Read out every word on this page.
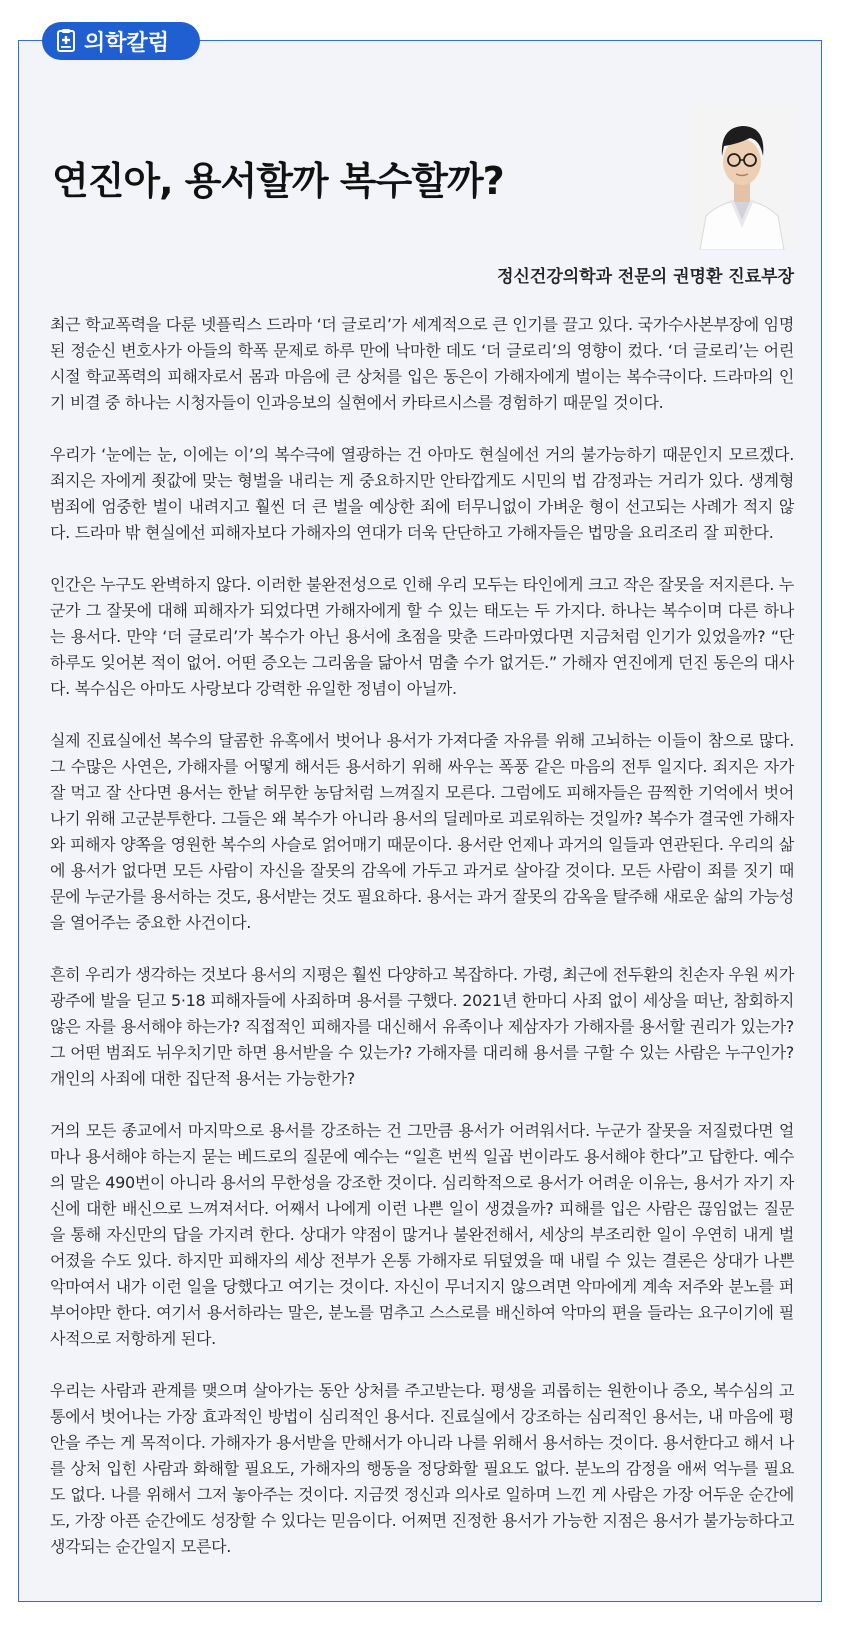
의학칼럼
연진아, 용서할까 복수할까?
정신건강의학과 전문의 권명환 진료부장

최근 학교폭력을 다룬 넷플릭스 드라마 ‘더 글로리’가 세계적으로 큰 인기를 끌고 있다. 국가수사본부장에 임명된 정순신 변호사가 아들의 학폭 문제로 하루 만에 낙마한 데도 ‘더 글로리’의 영향이 컸다. ‘더 글로리’는 어린 시절 학교폭력의 피해자로서 몸과 마음에 큰 상처를 입은 동은이 가해자에게 벌이는 복수극이다. 드라마의 인기 비결 중 하나는 시청자들이 인과응보의 실현에서 카타르시스를 경험하기 때문일 것이다.

우리가 ‘눈에는 눈, 이에는 이’의 복수극에 열광하는 건 아마도 현실에선 거의 불가능하기 때문인지 모르겠다. 죄지은 자에게 죗값에 맞는 형벌을 내리는 게 중요하지만 안타깝게도 시민의 법 감정과는 거리가 있다. 생계형 범죄에 엄중한 벌이 내려지고 훨씬 더 큰 벌을 예상한 죄에 터무니없이 가벼운 형이 선고되는 사례가 적지 않다. 드라마 밖 현실에선 피해자보다 가해자의 연대가 더욱 단단하고 가해자들은 법망을 요리조리 잘 피한다.

인간은 누구도 완벽하지 않다. 이러한 불완전성으로 인해 우리 모두는 타인에게 크고 작은 잘못을 저지른다. 누군가 그 잘못에 대해 피해자가 되었다면 가해자에게 할 수 있는 태도는 두 가지다. 하나는 복수이며 다른 하나는 용서다. 만약 ‘더 글로리’가 복수가 아닌 용서에 초점을 맞춘 드라마였다면 지금처럼 인기가 있었을까? “단 하루도 잊어본 적이 없어. 어떤 증오는 그리움을 닮아서 멈출 수가 없거든.” 가해자 연진에게 던진 동은의 대사다. 복수심은 아마도 사랑보다 강력한 유일한 정념이 아닐까.

실제 진료실에선 복수의 달콤한 유혹에서 벗어나 용서가 가져다줄 자유를 위해 고뇌하는 이들이 참으로 많다. 그 수많은 사연은, 가해자를 어떻게 해서든 용서하기 위해 싸우는 폭풍 같은 마음의 전투 일지다. 죄지은 자가 잘 먹고 잘 산다면 용서는 한낱 허무한 농담처럼 느껴질지 모른다. 그럼에도 피해자들은 끔찍한 기억에서 벗어나기 위해 고군분투한다. 그들은 왜 복수가 아니라 용서의 딜레마로 괴로워하는 것일까? 복수가 결국엔 가해자와 피해자 양쪽을 영원한 복수의 사슬로 얽어매기 때문이다. 용서란 언제나 과거의 일들과 연관된다. 우리의 삶에 용서가 없다면 모든 사람이 자신을 잘못의 감옥에 가두고 과거로 살아갈 것이다. 모든 사람이 죄를 짓기 때문에 누군가를 용서하는 것도, 용서받는 것도 필요하다. 용서는 과거 잘못의 감옥을 탈주해 새로운 삶의 가능성을 열어주는 중요한 사건이다.

흔히 우리가 생각하는 것보다 용서의 지평은 훨씬 다양하고 복잡하다. 가령, 최근에 전두환의 친손자 우원 씨가 광주에 발을 딛고 5·18 피해자들에 사죄하며 용서를 구했다. 2021년 한마디 사죄 없이 세상을 떠난, 참회하지 않은 자를 용서해야 하는가? 직접적인 피해자를 대신해서 유족이나 제삼자가 가해자를 용서할 권리가 있는가? 그 어떤 범죄도 뉘우치기만 하면 용서받을 수 있는가? 가해자를 대리해 용서를 구할 수 있는 사람은 누구인가? 개인의 사죄에 대한 집단적 용서는 가능한가?

거의 모든 종교에서 마지막으로 용서를 강조하는 건 그만큼 용서가 어려워서다. 누군가 잘못을 저질렀다면 얼마나 용서해야 하는지 묻는 베드로의 질문에 예수는 “일흔 번씩 일곱 번이라도 용서해야 한다”고 답한다. 예수의 말은 490번이 아니라 용서의 무한성을 강조한 것이다. 심리학적으로 용서가 어려운 이유는, 용서가 자기 자신에 대한 배신으로 느껴져서다. 어째서 나에게 이런 나쁜 일이 생겼을까? 피해를 입은 사람은 끊임없는 질문을 통해 자신만의 답을 가지려 한다. 상대가 약점이 많거나 불완전해서, 세상의 부조리한 일이 우연히 내게 벌어졌을 수도 있다. 하지만 피해자의 세상 전부가 온통 가해자로 뒤덮였을 때 내릴 수 있는 결론은 상대가 나쁜 악마여서 내가 이런 일을 당했다고 여기는 것이다. 자신이 무너지지 않으려면 악마에게 계속 저주와 분노를 퍼부어야만 한다. 여기서 용서하라는 말은, 분노를 멈추고 스스로를 배신하여 악마의 편을 들라는 요구이기에 필사적으로 저항하게 된다.

우리는 사람과 관계를 맺으며 살아가는 동안 상처를 주고받는다. 평생을 괴롭히는 원한이나 증오, 복수심의 고통에서 벗어나는 가장 효과적인 방법이 심리적인 용서다. 진료실에서 강조하는 심리적인 용서는, 내 마음에 평안을 주는 게 목적이다. 가해자가 용서받을 만해서가 아니라 나를 위해서 용서하는 것이다. 용서한다고 해서 나를 상처 입힌 사람과 화해할 필요도, 가해자의 행동을 정당화할 필요도 없다. 분노의 감정을 애써 억누를 필요도 없다. 나를 위해서 그저 놓아주는 것이다. 지금껏 정신과 의사로 일하며 느낀 게 사람은 가장 어두운 순간에도, 가장 아픈 순간에도 성장할 수 있다는 믿음이다. 어쩌면 진정한 용서가 가능한 지점은 용서가 불가능하다고 생각되는 순간일지 모른다.
